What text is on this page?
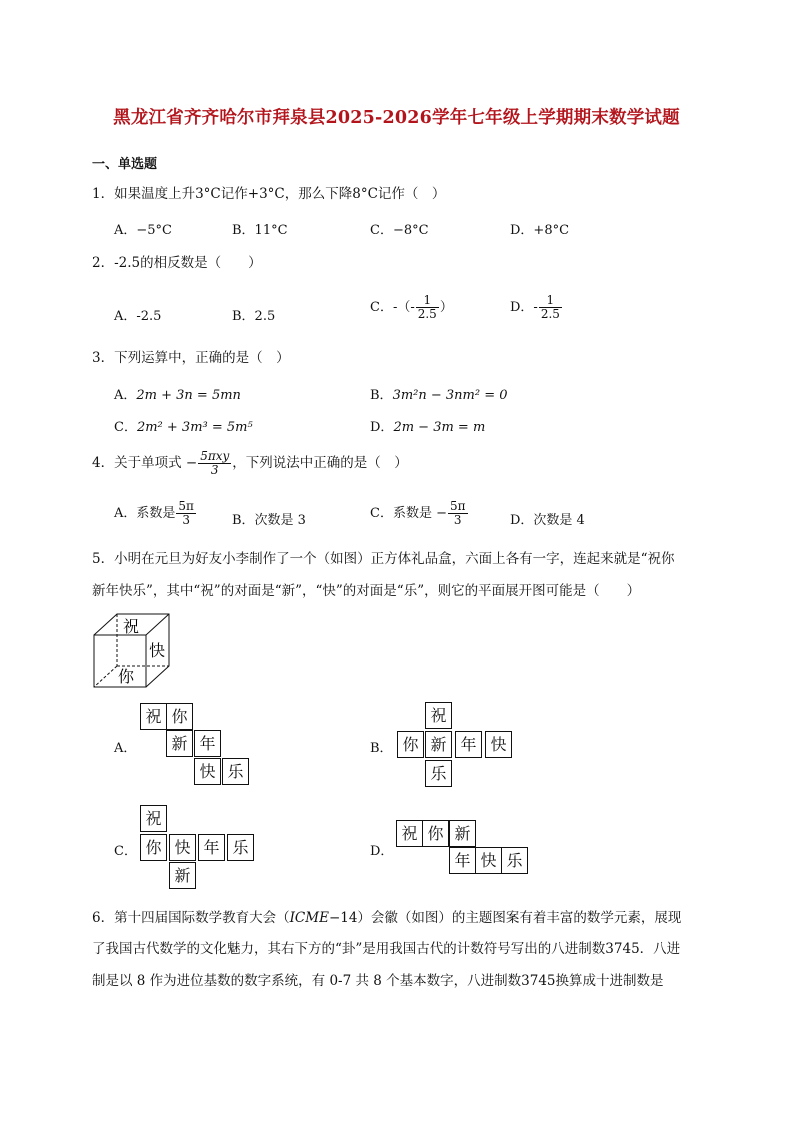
黑龙江省齐齐哈尔市拜泉县2025-2026学年七年级上学期期末数学试题
一、单选题
1．如果温度上升3°C记作+3°C，那么下降8°C记作（　）
A．−5°C	B．11°C	C．−8°C	D．+8°C
2．-2.5的相反数是（　　）
A．-2.5	B．2.5
C．-（- $\frac{1}{2.5}$ ）	D．- $\frac{1}{2.5}$
3．下列运算中，正确的是（　）
A．2m + 3n = 5mn	B．3m²n − 3nm² = 0
C．2m² + 3m³ = 5m⁵	D．2m − 3m = m
4．关于单项式 − $\frac{\text{5πxy}}{3}$ ，下列说法中正确的是（　）
A．系数是 $\frac{5\pi}{3}$	B．次数是 3	C．系数是 − $\frac{5\pi}{3}$	D．次数是 4
5．小明在元旦为好友小李制作了一个（如图）正方体礼品盒，六面上各有一字，连起来就是“祝你
新年快乐”，其中“祝”的对面是“新”，“快”的对面是“乐”，则它的平面展开图可能是（　　）
祝
快
你
A．
祝 你
新 年
快 乐
B．
祝
你 新 年 快
乐
C．
祝
你 快 年 乐
新
D．
祝 你 新
年 快 乐
6．第十四届国际数学教育大会（ICME−14）会徽（如图）的主题图案有着丰富的数学元素，展现
了我国古代数学的文化魅力，其右下方的“卦”是用我国古代的计数符号写出的八进制数3745．八进
制是以 8 作为进位基数的数字系统，有 0-7 共 8 个基本数字，八进制数3745换算成十进制数是
